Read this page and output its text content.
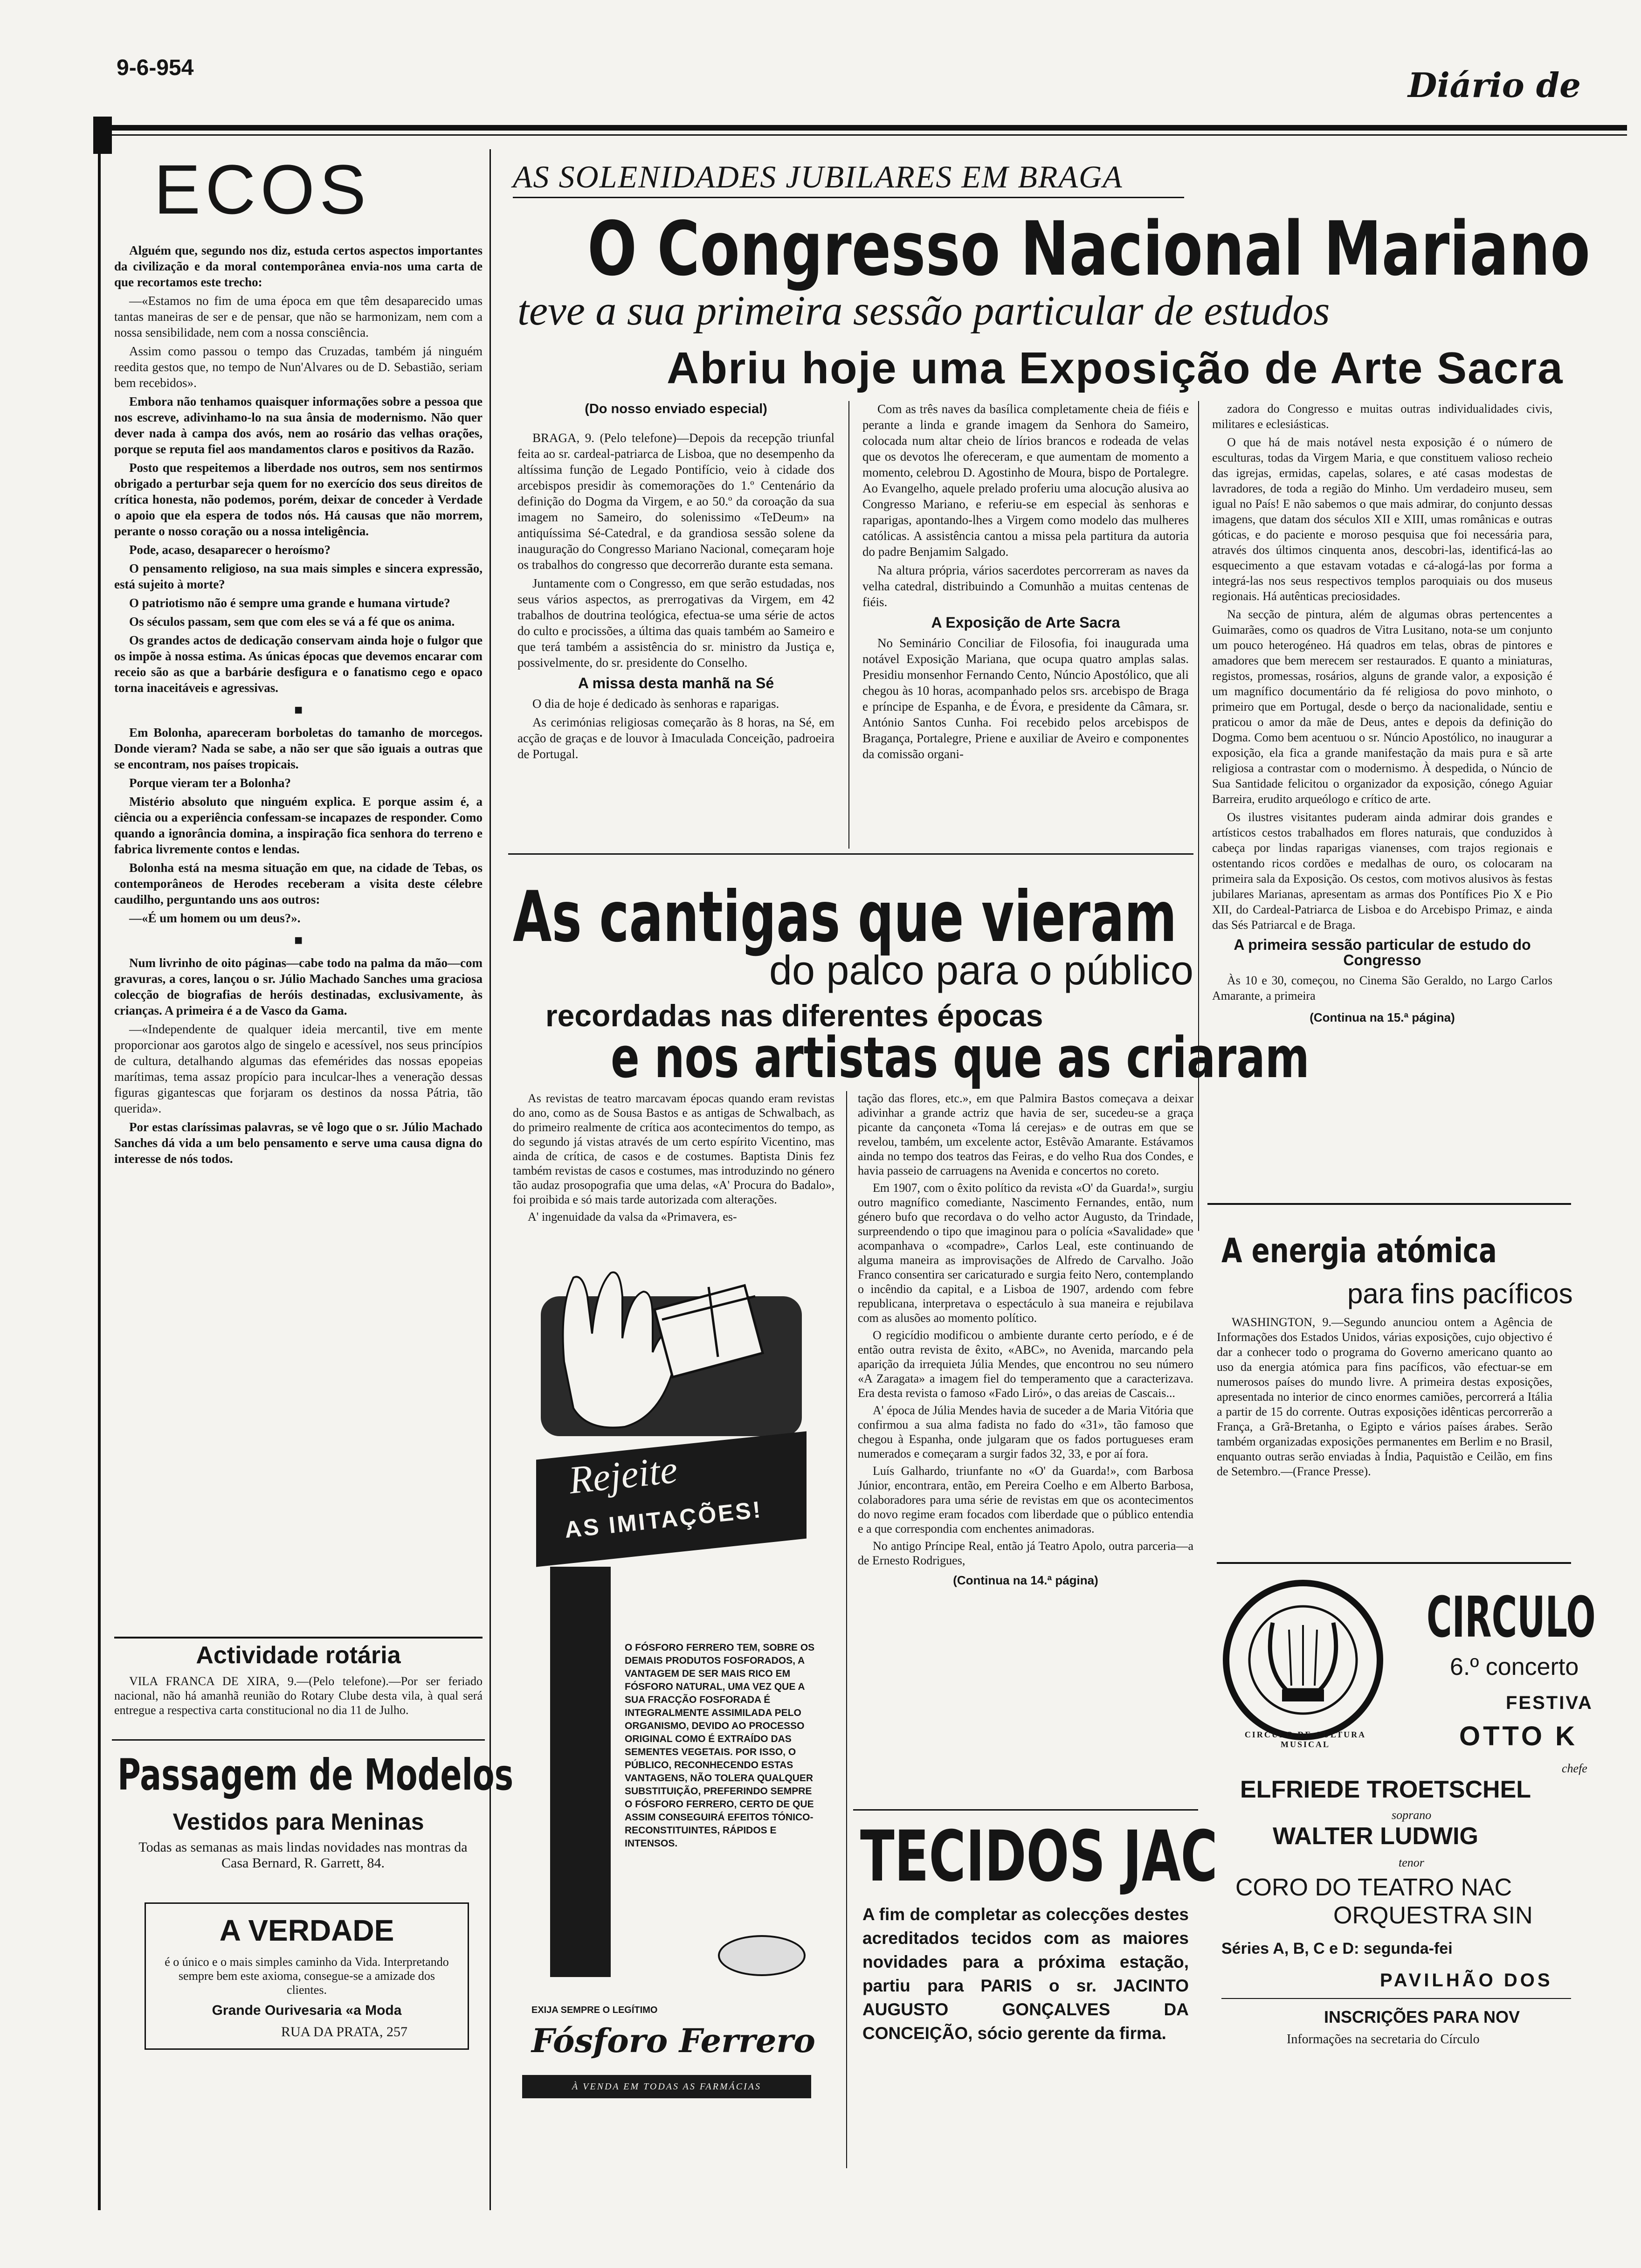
9-6-954	Diário de
ECOS

Alguém que, segundo nos diz, estuda certos aspectos importantes da civilização e da moral contemporânea envia-nos uma carta de que recortamos este trecho:

—«Estamos no fim de uma época em que têm desaparecido umas tantas maneiras de ser e de pensar, que não se harmonizam, nem com a nossa sensibilidade, nem com a nossa consciência.

Assim como passou o tempo das Cruzadas, também já ninguém reedita gestos que, no tempo de Nun'Alvares ou de D. Sebastião, seriam bem recebidos».

Embora não tenhamos quaisquer informações sobre a pessoa que nos escreve, adivinhamo-lo na sua ânsia de modernismo. Não quer dever nada à campa dos avós, nem ao rosário das velhas orações, porque se reputa fiel aos mandamentos claros e positivos da Razão.

Posto que respeitemos a liberdade nos outros, sem nos sentirmos obrigado a perturbar seja quem for no exercício dos seus direitos de crítica honesta, não podemos, porém, deixar de conceder à Verdade o apoio que ela espera de todos nós. Há causas que não morrem, perante o nosso coração ou a nossa inteligência.

Pode, acaso, desaparecer o heroísmo?

O pensamento religioso, na sua mais simples e sincera expressão, está sujeito à morte?

O patriotismo não é sempre uma grande e humana virtude?

Os séculos passam, sem que com eles se vá a fé que os anima.

Os grandes actos de dedicação conservam ainda hoje o fulgor que os impõe à nossa estima. As únicas épocas que devemos encarar com receio são as que a barbárie desfigura e o fanatismo cego e opaco torna inaceitáveis e agressivas.

■

Em Bolonha, apareceram borboletas do tamanho de morcegos. Donde vieram? Nada se sabe, a não ser que são iguais a outras que se encontram, nos países tropicais.

Porque vieram ter a Bolonha?

Mistério absoluto que ninguém explica. E porque assim é, a ciência ou a experiência confessam-se incapazes de responder. Como quando a ignorância domina, a inspiração fica senhora do terreno e fabrica livremente contos e lendas.

Bolonha está na mesma situação em que, na cidade de Tebas, os contemporâneos de Herodes receberam a visita deste célebre caudilho, perguntando uns aos outros:

—«É um homem ou um deus?».

■

Num livrinho de oito páginas—cabe todo na palma da mão—com gravuras, a cores, lançou o sr. Júlio Machado Sanches uma graciosa colecção de biografias de heróis destinadas, exclusivamente, às crianças. A primeira é a de Vasco da Gama.

—«Independente de qualquer ideia mercantil, tive em mente proporcionar aos garotos algo de singelo e acessível, nos seus princípios de cultura, detalhando algumas das efemérides das nossas epopeias marítimas, tema assaz propício para inculcar-lhes a veneração dessas figuras gigantescas que forjaram os destinos da nossa Pátria, tão querida».

Por estas claríssimas palavras, se vê logo que o sr. Júlio Machado Sanches dá vida a um belo pensamento e serve uma causa digna do interesse de nós todos.

Actividade rotária

VILA FRANCA DE XIRA, 9.—(Pelo telefone).—Por ser feriado nacional, não há amanhã reunião do Rotary Clube desta vila, à qual será entregue a respectiva carta constitucional no dia 11 de Julho.

Passagem de Modelos
Vestidos para Meninas
Todas as semanas as mais lindas novidades nas montras da Casa Bernard, R. Garrett, 84.
A VERDADE
é o único e o mais simples caminho da Vida. Interpretando sempre bem este axioma, consegue-se a amizade dos clientes.
Grande Ourivesaria «a Moda
RUA DA PRATA, 257
AS SOLENIDADES JUBILARES EM BRAGA
O Congresso Nacional Mariano
teve a sua primeira sessão particular de estudos
Abriu hoje uma Exposição de Arte Sacra
(Do nosso enviado especial)

BRAGA, 9. (Pelo telefone)—Depois da recepção triunfal feita ao sr. cardeal-patriarca de Lisboa, que no desempenho da altíssima função de Legado Pontifício, veio à cidade dos arcebispos presidir às comemorações do 1.º Centenário da definição do Dogma da Virgem, e ao 50.º da coroação da sua imagem no Sameiro, do solenissimo «TeDeum» na antiquíssima Sé-Catedral, e da grandiosa sessão solene da inauguração do Congresso Mariano Nacional, começaram hoje os trabalhos do congresso que decorrerão durante esta semana.

Juntamente com o Congresso, em que serão estudadas, nos seus vários aspectos, as prerrogativas da Virgem, em 42 trabalhos de doutrina teológica, efectua-se uma série de actos do culto e procissões, a última das quais também ao Sameiro e que terá também a assistência do sr. ministro da Justiça e, possivelmente, do sr. presidente do Conselho.

A missa desta manhã na Sé

O dia de hoje é dedicado às senhoras e raparigas.

As cerimónias religiosas começarão às 8 horas, na Sé, em acção de graças e de louvor à Imaculada Conceição, padroeira de Portugal.

Com as três naves da basílica completamente cheia de fiéis e perante a linda e grande imagem da Senhora do Sameiro, colocada num altar cheio de lírios brancos e rodeada de velas que os devotos lhe ofereceram, e que aumentam de momento a momento, celebrou D. Agostinho de Moura, bispo de Portalegre. Ao Evangelho, aquele prelado proferiu uma alocução alusiva ao Congresso Mariano, e referiu-se em especial às senhoras e raparigas, apontando-lhes a Virgem como modelo das mulheres católicas. A assistência cantou a missa pela partitura da autoria do padre Benjamim Salgado.

Na altura própria, vários sacerdotes percorreram as naves da velha catedral, distribuindo a Comunhão a muitas centenas de fiéis.

A Exposição de Arte Sacra

No Seminário Conciliar de Filosofia, foi inaugurada uma notável Exposição Mariana, que ocupa quatro amplas salas. Presidiu monsenhor Fernando Cento, Núncio Apostólico, que ali chegou às 10 horas, acompanhado pelos srs. arcebispo de Braga e príncipe de Espanha, e de Évora, e presidente da Câmara, sr. António Santos Cunha. Foi recebido pelos arcebispos de Bragança, Portalegre, Priene e auxiliar de Aveiro e componentes da comissão organi-

zadora do Congresso e muitas outras individualidades civis, militares e eclesiásticas.

O que há de mais notável nesta exposição é o número de esculturas, todas da Virgem Maria, e que constituem valioso recheio das igrejas, ermidas, capelas, solares, e até casas modestas de lavradores, de toda a região do Minho. Um verdadeiro museu, sem igual no País! E não sabemos o que mais admirar, do conjunto dessas imagens, que datam dos séculos XII e XIII, umas românicas e outras góticas, e do paciente e moroso pesquisa que foi necessária para, através dos últimos cinquenta anos, descobri-las, identificá-las ao esquecimento a que estavam votadas e cá-alogá-las por forma a integrá-las nos seus respectivos templos paroquiais ou dos museus regionais. Há autênticas preciosidades.

Na secção de pintura, além de algumas obras pertencentes a Guimarães, como os quadros de Vitra Lusitano, nota-se um conjunto um pouco heterogéneo. Há quadros em telas, obras de pintores e amadores que bem merecem ser restaurados. E quanto a miniaturas, registos, promessas, rosários, alguns de grande valor, a exposição é um magnífico documentário da fé religiosa do povo minhoto, o primeiro que em Portugal, desde o berço da nacionalidade, sentiu e praticou o amor da mãe de Deus, antes e depois da definição do Dogma. Como bem acentuou o sr. Núncio Apostólico, no inaugurar a exposição, ela fica a grande manifestação da mais pura e sã arte religiosa a contrastar com o modernismo. À despedida, o Núncio de Sua Santidade felicitou o organizador da exposição, cónego Aguiar Barreira, erudito arqueólogo e crítico de arte.

Os ilustres visitantes puderam ainda admirar dois grandes e artísticos cestos trabalhados em flores naturais, que conduzidos à cabeça por lindas raparigas vianenses, com trajos regionais e ostentando ricos cordões e medalhas de ouro, os colocaram na primeira sala da Exposição. Os cestos, com motivos alusivos às festas jubilares Marianas, apresentam as armas dos Pontífices Pio X e Pio XII, do Cardeal-Patriarca de Lisboa e do Arcebispo Primaz, e ainda das Sés Patriarcal e de Braga.

A primeira sessão particular de estudo do Congresso

Às 10 e 30, começou, no Cinema São Geraldo, no Largo Carlos Amarante, a primeira

(Continua na 15.ª página)
As cantigas que vieram
do palco para o público
recordadas nas diferentes épocas
e nos artistas que as criaram

As revistas de teatro marcavam épocas quando eram revistas do ano, como as de Sousa Bastos e as antigas de Schwalbach, as do primeiro realmente de crítica aos acontecimentos do tempo, as do segundo já vistas através de um certo espírito Vicentino, mas ainda de crítica, de casos e de costumes. Baptista Dinis fez também revistas de casos e costumes, mas introduzindo no género tão audaz prosopografia que uma delas, «A' Procura do Badalo», foi proibida e só mais tarde autorizada com alterações.

A' ingenuidade da valsa da «Primavera, es-

tação das flores, etc.», em que Palmira Bastos começava a deixar adivinhar a grande actriz que havia de ser, sucedeu-se a graça picante da cançoneta «Toma lá cerejas» e de outras em que se revelou, também, um excelente actor, Estêvão Amarante. Estávamos ainda no tempo dos teatros das Feiras, e do velho Rua dos Condes, e havia passeio de carruagens na Avenida e concertos no coreto.

Em 1907, com o êxito político da revista «O' da Guarda!», surgiu outro magnífico comediante, Nascimento Fernandes, então, num género bufo que recordava o do velho actor Augusto, da Trindade, surpreendendo o tipo que imaginou para o polícia «Savalidade» que acompanhava o «compadre», Carlos Leal, este continuando de alguma maneira as improvisações de Alfredo de Carvalho. João Franco consentira ser caricaturado e surgia feito Nero, contemplando o incêndio da capital, e a Lisboa de 1907, ardendo com febre republicana, interpretava o espectáculo à sua maneira e rejubilava com as alusões ao momento político.

O regicídio modificou o ambiente durante certo período, e é de então outra revista de êxito, «ABC», no Avenida, marcando pela aparição da irrequieta Júlia Mendes, que encontrou no seu número «A Zaragata» a imagem fiel do temperamento que a caracterizava. Era desta revista o famoso «Fado Liró», o das areias de Cascais...

A' época de Júlia Mendes havia de suceder a de Maria Vitória que confirmou a sua alma fadista no fado do «31», tão famoso que chegou à Espanha, onde julgaram que os fados portugueses eram numerados e começaram a surgir fados 32, 33, e por aí fora.

Luís Galhardo, triunfante no «O' da Guarda!», com Barbosa Júnior, encontrara, então, em Pereira Coelho e em Alberto Barbosa, colaboradores para uma série de revistas em que os acontecimentos do novo regime eram focados com liberdade que o público entendia e a que correspondia com enchentes animadoras.

No antigo Príncipe Real, então já Teatro Apolo, outra parceria—a de Ernesto Rodrigues,

(Continua na 14.ª página)
Rejeite
AS IMITAÇÕES!
O FÓSFORO FERRERO TEM, SOBRE OS DEMAIS PRODUTOS FOSFORADOS, A VANTAGEM DE SER MAIS RICO EM FÓSFORO NATURAL, UMA VEZ QUE A SUA FRACÇÃO FOSFORADA É INTEGRALMENTE ASSIMILADA PELO ORGANISMO, DEVIDO AO PROCESSO ORIGINAL COMO É EXTRAÍDO DAS SEMENTES VEGETAIS. POR ISSO, O PÚBLICO, RECONHECENDO ESTAS VANTAGENS, NÃO TOLERA QUALQUER SUBSTITUIÇÃO, PREFERINDO SEMPRE O FÓSFORO FERRERO, CERTO DE QUE ASSIM CONSEGUIRÁ EFEITOS TÓNICO-RECONSTITUINTES, RÁPIDOS E INTENSOS.
EXIJA SEMPRE O LEGÍTIMO
Fósforo Ferrero
À VENDA EM TODAS AS FARMÁCIAS
TECIDOS JAC
A fim de completar as colecções destes acreditados tecidos com as maiores novidades para a próxima estação, partiu para PARIS o sr. JACINTO AUGUSTO GONÇALVES DA CONCEIÇÃO, sócio gerente da firma.
A energia atómica
para fins pacíficos

WASHINGTON, 9.—Segundo anunciou ontem a Agência de Informações dos Estados Unidos, várias exposições, cujo objectivo é dar a conhecer todo o programa do Governo americano quanto ao uso da energia atómica para fins pacíficos, vão efectuar-se em numerosos países do mundo livre. A primeira destas exposições, apresentada no interior de cinco enormes camiões, percorrerá a Itália a partir de 15 do corrente. Outras exposições idênticas percorrerão a França, a Grã-Bretanha, o Egipto e vários países árabes. Serão também organizadas exposições permanentes em Berlim e no Brasil, enquanto outras serão enviadas à Índia, Paquistão e Ceilão, em fins de Setembro.—(France Presse).

CIRCULO DE CULTURA MUSICAL
CIRCULO
6.º concerto
FESTIVA
OTTO K
chefe
ELFRIEDE TROETSCHEL
soprano
WALTER LUDWIG
tenor
CORO DO TEATRO NAC
ORQUESTRA SIN
Séries A, B, C e D: segunda-fei
PAVILHÃO DOS
INSCRIÇÕES PARA NOV
Informações na secretaria do Círculo
